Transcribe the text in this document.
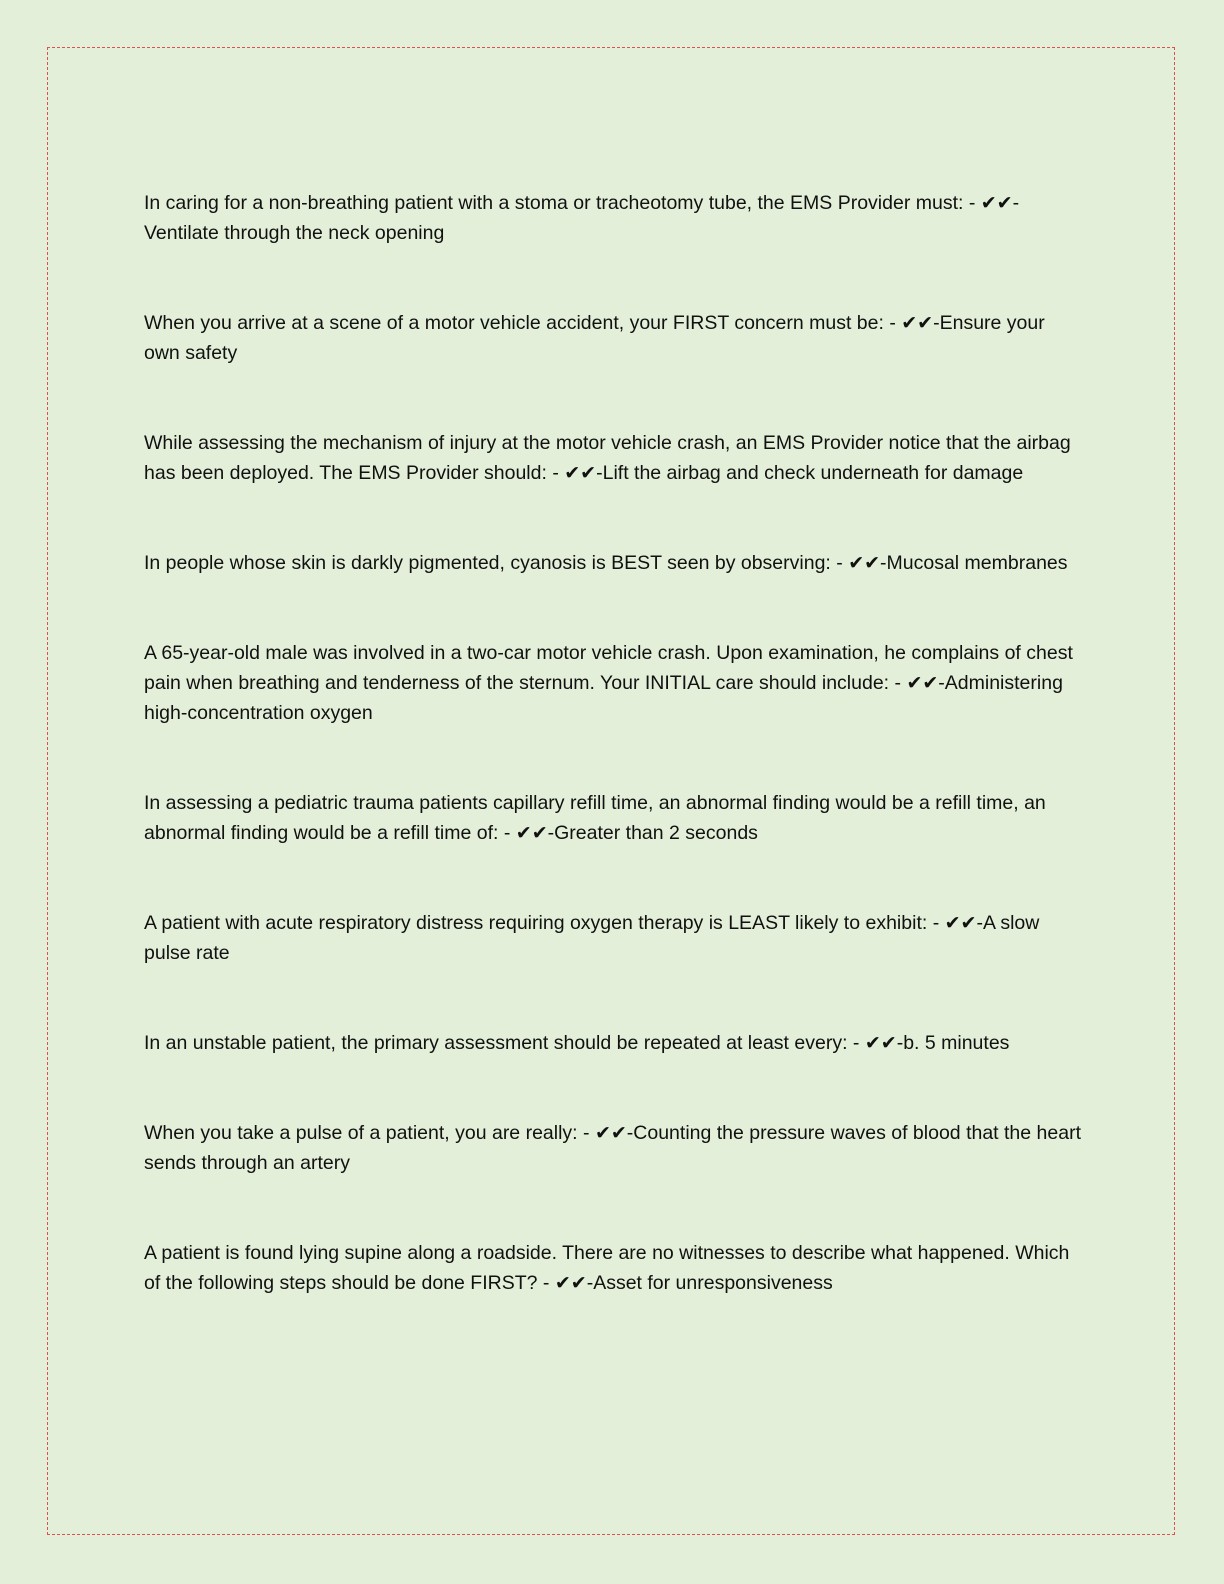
In caring for a non-breathing patient with a stoma or tracheotomy tube, the EMS Provider must: - ✔✔-Ventilate through the neck opening

When you arrive at a scene of a motor vehicle accident, your FIRST concern must be: - ✔✔-Ensure your own safety

While assessing the mechanism of injury at the motor vehicle crash, an EMS Provider notice that the airbag has been deployed. The EMS Provider should: - ✔✔-Lift the airbag and check underneath for damage

In people whose skin is darkly pigmented, cyanosis is BEST seen by observing: - ✔✔-Mucosal membranes

A 65-year-old male was involved in a two-car motor vehicle crash. Upon examination, he complains of chest pain when breathing and tenderness of the sternum. Your INITIAL care should include: - ✔✔-Administering high-concentration oxygen

In assessing a pediatric trauma patients capillary refill time, an abnormal finding would be a refill time, an abnormal finding would be a refill time of: - ✔✔-Greater than 2 seconds

A patient with acute respiratory distress requiring oxygen therapy is LEAST likely to exhibit: - ✔✔-A slow pulse rate

In an unstable patient, the primary assessment should be repeated at least every: - ✔✔-b. 5 minutes

When you take a pulse of a patient, you are really: - ✔✔-Counting the pressure waves of blood that the heart sends through an artery

A patient is found lying supine along a roadside. There are no witnesses to describe what happened. Which of the following steps should be done FIRST? - ✔✔-Asset for unresponsiveness
